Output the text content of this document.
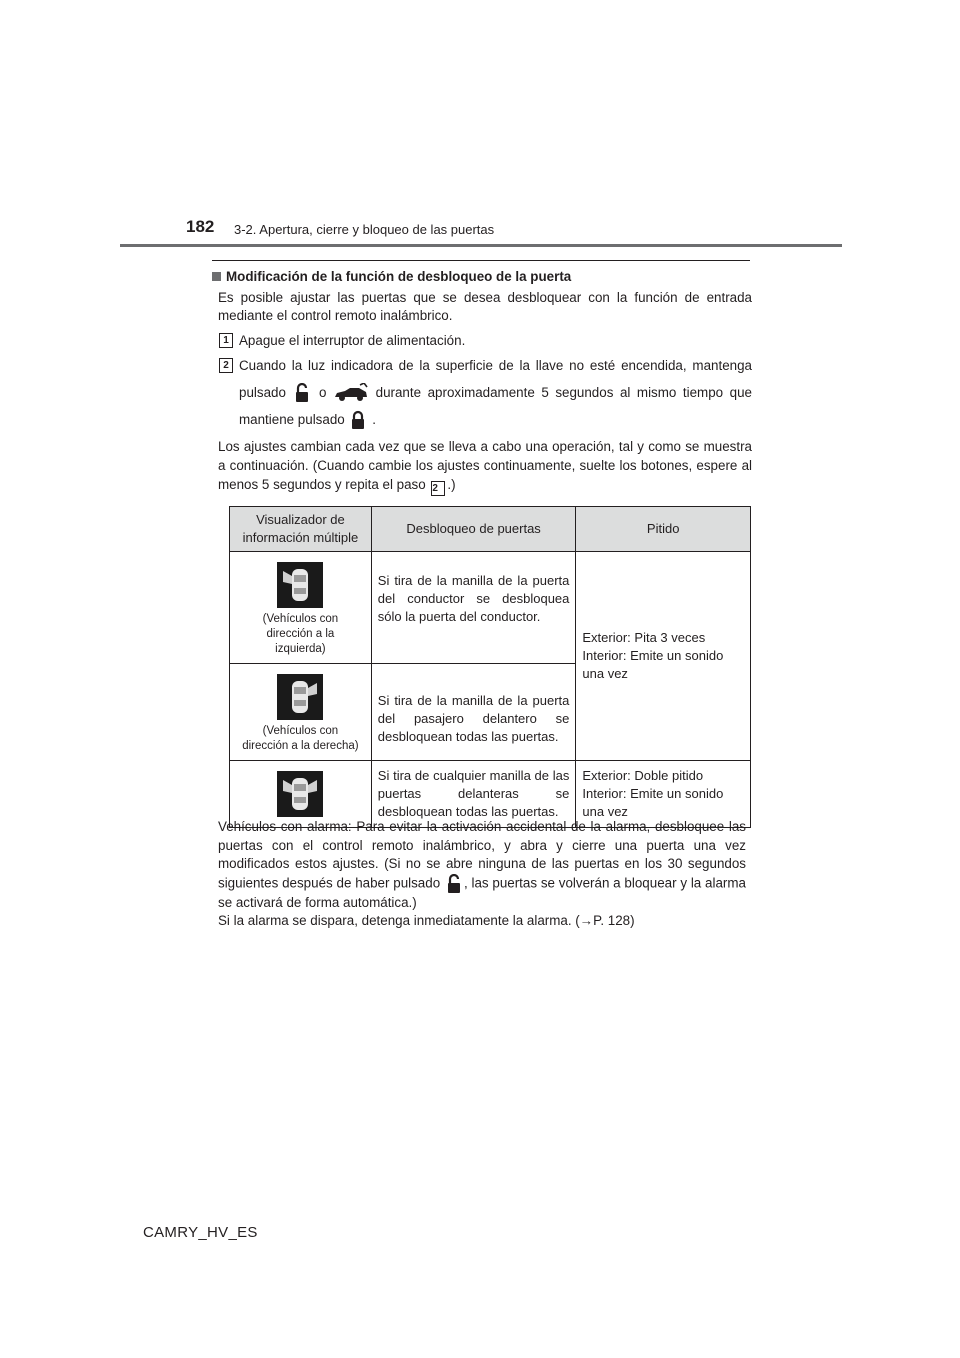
182 3-2. Apertura, cierre y bloqueo de las puertas
Modificación de la función de desbloqueo de la puerta
Es posible ajustar las puertas que se desea desbloquear con la función de entrada mediante el control remoto inalámbrico.
1 Apague el interruptor de alimentación.
2 Cuando la luz indicadora de la superficie de la llave no esté encendida, mantenga pulsado o	durante aproximadamente 5 segundos al mismo tiempo que mantiene pulsado .
Los ajustes cambian cada vez que se lleva a cabo una operación, tal y como se muestra a continuación. (Cuando cambie los ajustes continuamente, suelte los botones, espere al menos 5 segundos y repita el paso 2 .)
Visualizador de información múltiple	Desbloqueo de puertas	Pitido

(Vehículos con dirección a la izquierda)	Si tira de la manilla de la puerta del conductor se desbloquea sólo la puerta del conductor.	Exterior: Pita 3 veces
Interior: Emite un sonido una vez

(Vehículos con dirección a la derecha)	Si tira de la manilla de la puerta del pasajero delantero se desbloquean todas las puertas.	

	Si tira de cualquier manilla de las puertas delanteras se desbloquean todas las puertas.	Exterior: Doble pitido
Interior: Emite un sonido una vez
Vehículos con alarma: Para evitar la activación accidental de la alarma, desbloquee las puertas con el control remoto inalámbrico, y abra y cierre una puerta una vez modificados estos ajustes. (Si no se abre ninguna de las puertas en los 30 segundos siguientes después de haber pulsado , las puertas se volverán a bloquear y la alarma se activará de forma automática.)
Si la alarma se dispara, detenga inmediatamente la alarma. (→P. 128)
CAMRY_HV_ES
